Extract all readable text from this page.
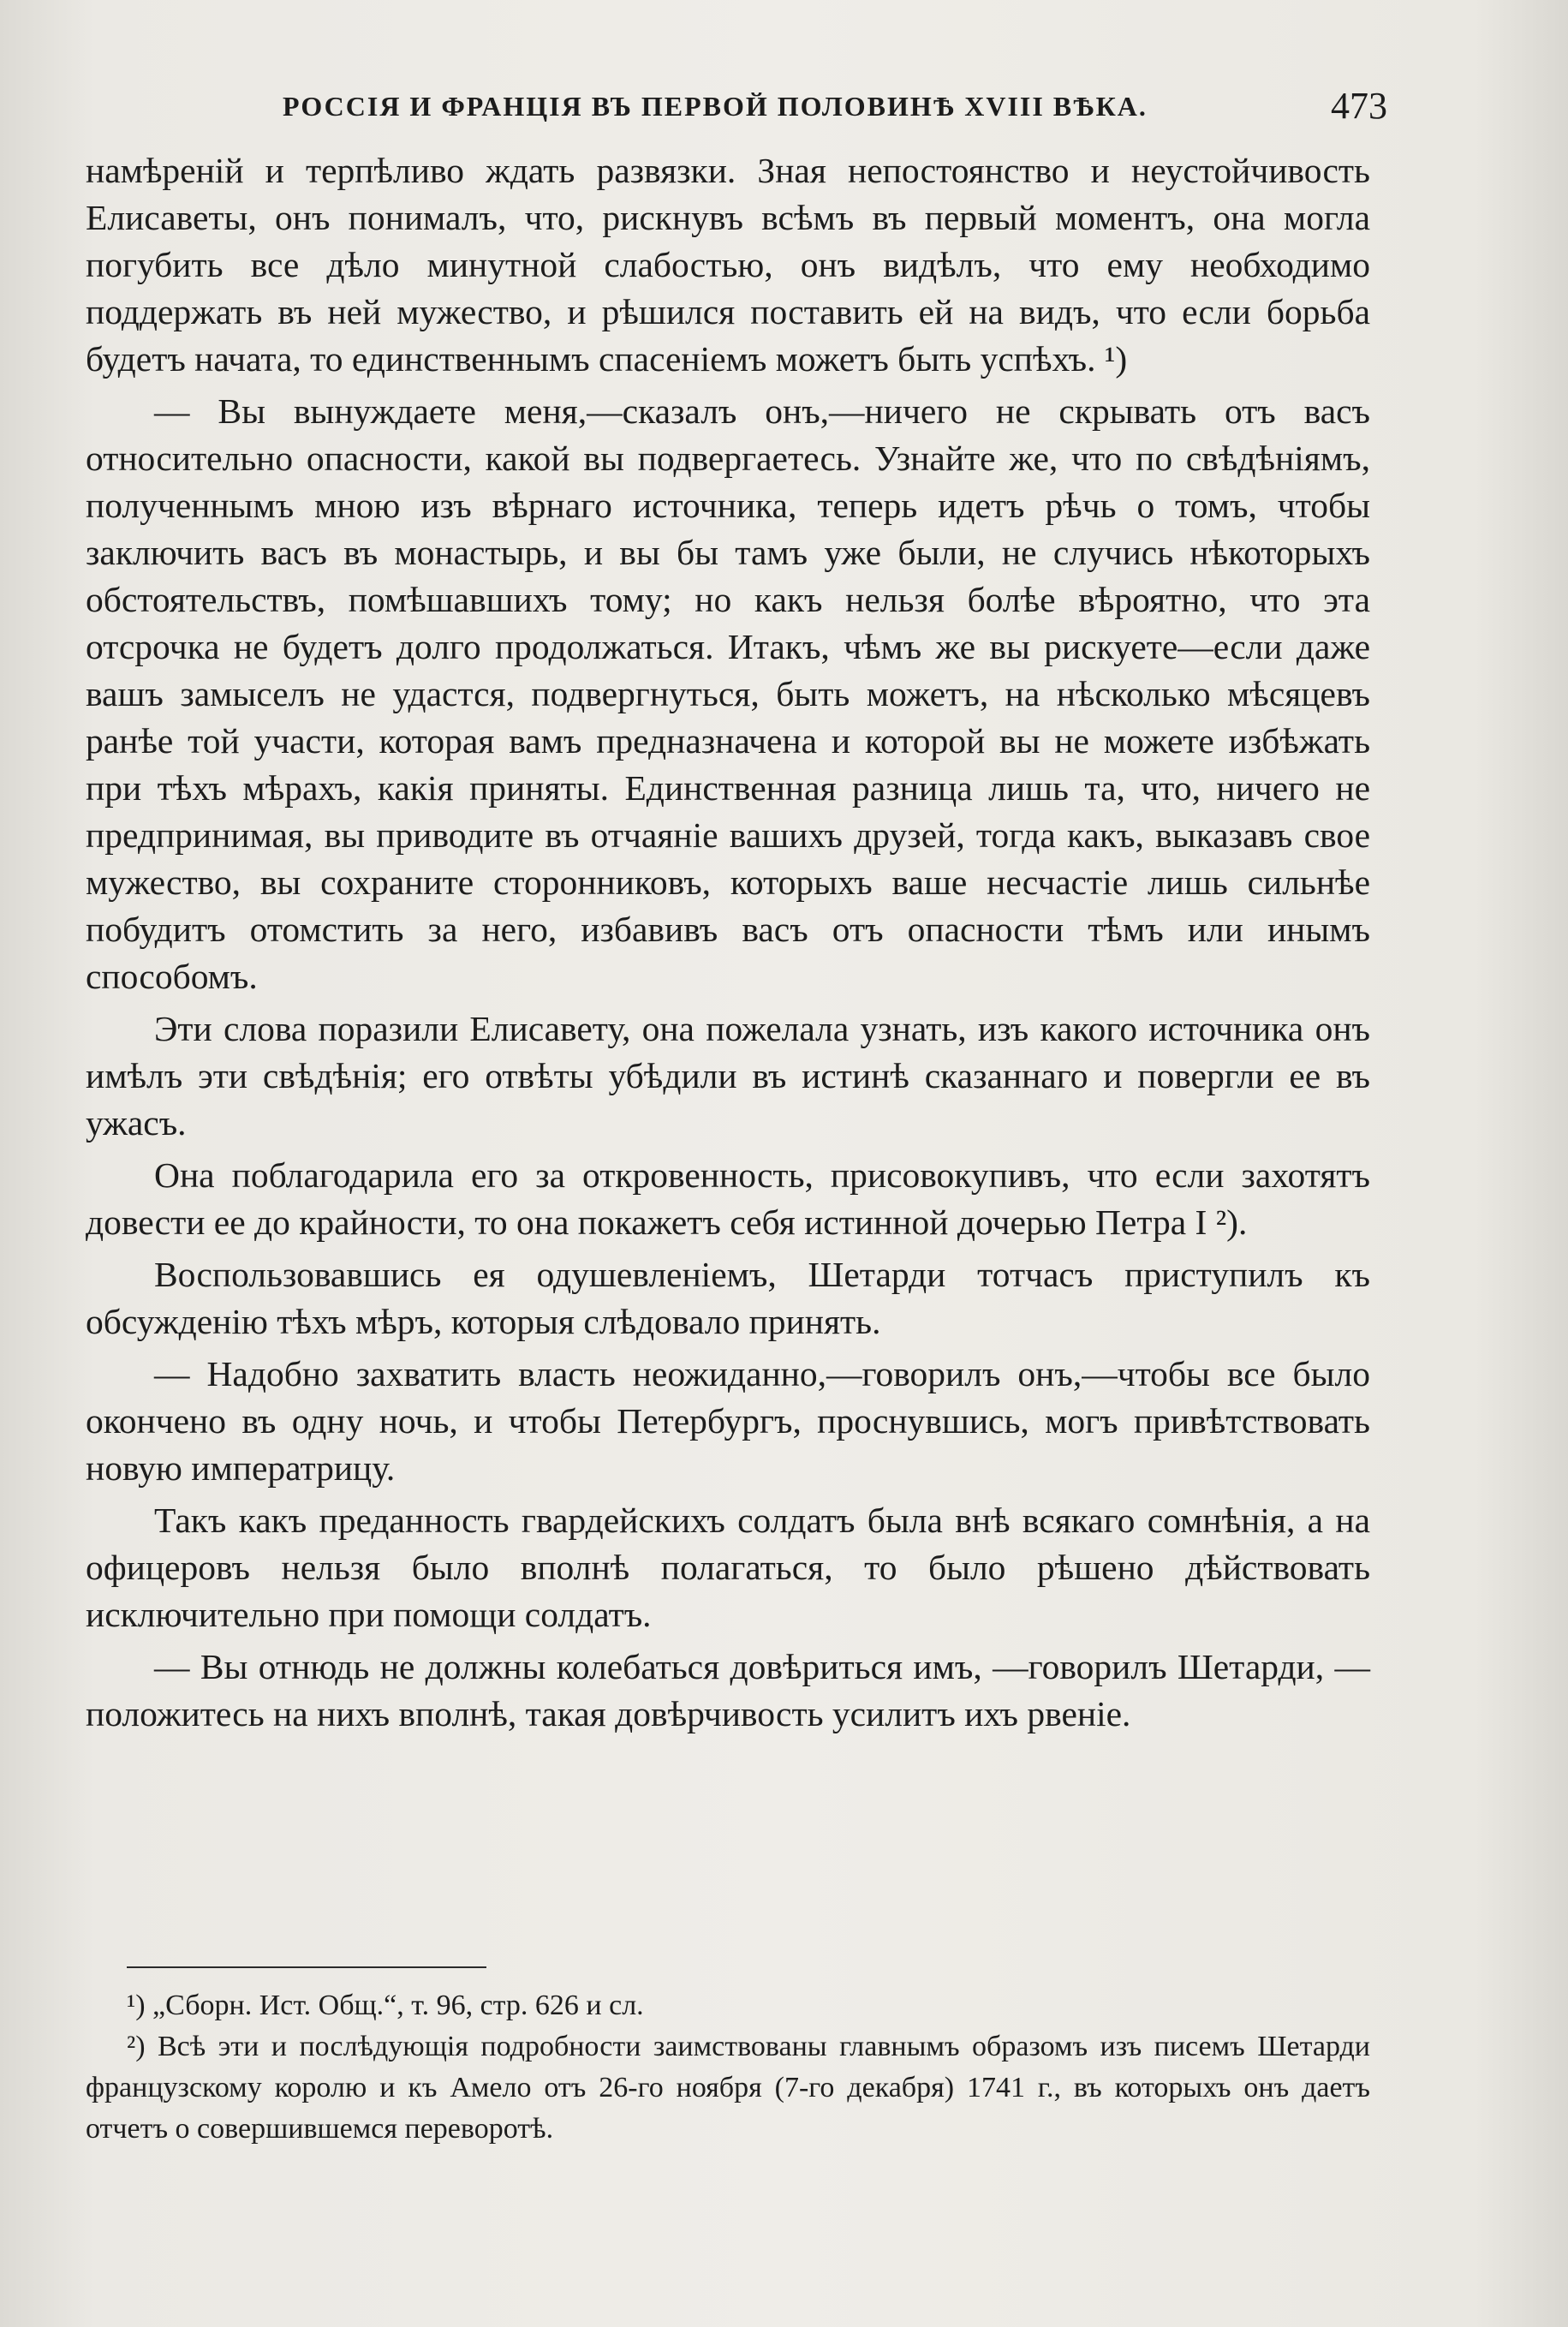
РОССІЯ И ФРАНЦІЯ ВЪ ПЕРВОЙ ПОЛОВИНѢ XVIII ВѢКА.	473

намѣреній и терпѣливо ждать развязки. Зная непостоянство и неустойчивость Елисаветы, онъ понималъ, что, рискнувъ всѣмъ въ первый моментъ, она могла погубить все дѣло минутной слабостью, онъ видѣлъ, что ему необходимо поддержать въ ней мужество, и рѣшился поставить ей на видъ, что если борьба будетъ начата, то единственнымъ спасеніемъ можетъ быть успѣхъ. ¹)

— Вы вынуждаете меня,—сказалъ онъ,—ничего не скрывать отъ васъ относительно опасности, какой вы подвергаетесь. Узнайте же, что по свѣдѣніямъ, полученнымъ мною изъ вѣрнаго источника, теперь идетъ рѣчь о томъ, чтобы заключить васъ въ монастырь, и вы бы тамъ уже были, не случись нѣкоторыхъ обстоятельствъ, помѣшавшихъ тому; но какъ нельзя болѣе вѣроятно, что эта отсрочка не будетъ долго продолжаться. Итакъ, чѣмъ же вы рискуете—если даже вашъ замыселъ не удастся, подвергнуться, быть можетъ, на нѣсколько мѣсяцевъ ранѣе той участи, которая вамъ предназначена и которой вы не можете избѣжать при тѣхъ мѣрахъ, какія приняты. Единственная разница лишь та, что, ничего не предпринимая, вы приводите въ отчаяніе вашихъ друзей, тогда какъ, выказавъ свое мужество, вы сохраните сторонниковъ, которыхъ ваше несчастіе лишь сильнѣе побудитъ отомстить за него, избавивъ васъ отъ опасности тѣмъ или инымъ способомъ.

Эти слова поразили Елисавету, она пожелала узнать, изъ какого источника онъ имѣлъ эти свѣдѣнія; его отвѣты убѣдили въ истинѣ сказаннаго и повергли ее въ ужасъ.

Она поблагодарила его за откровенность, присовокупивъ, что если захотятъ довести ее до крайности, то она покажетъ себя истинной дочерью Петра I ²).

Воспользовавшись ея одушевленіемъ, Шетарди тотчасъ приступилъ къ обсужденію тѣхъ мѣръ, которыя слѣдовало принять.

— Надобно захватить власть неожиданно,—говорилъ онъ,—чтобы все было окончено въ одну ночь, и чтобы Петербургъ, проснувшись, могъ привѣтствовать новую императрицу.

Такъ какъ преданность гвардейскихъ солдатъ была внѣ всякаго сомнѣнія, а на офицеровъ нельзя было вполнѣ полагаться, то было рѣшено дѣйствовать исключительно при помощи солдатъ.

— Вы отнюдь не должны колебаться довѣриться имъ, —говорилъ Шетарди, — положитесь на нихъ вполнѣ, такая довѣрчивость усилитъ ихъ рвеніе.

¹) „Сборн. Ист. Общ.“, т. 96, стр. 626 и сл.

²) Всѣ эти и послѣдующія подробности заимствованы главнымъ образомъ изъ писемъ Шетарди французскому королю и къ Амело отъ 26-го ноября (7-го декабря) 1741 г., въ которыхъ онъ даетъ отчетъ о совершившемся переворотѣ.
